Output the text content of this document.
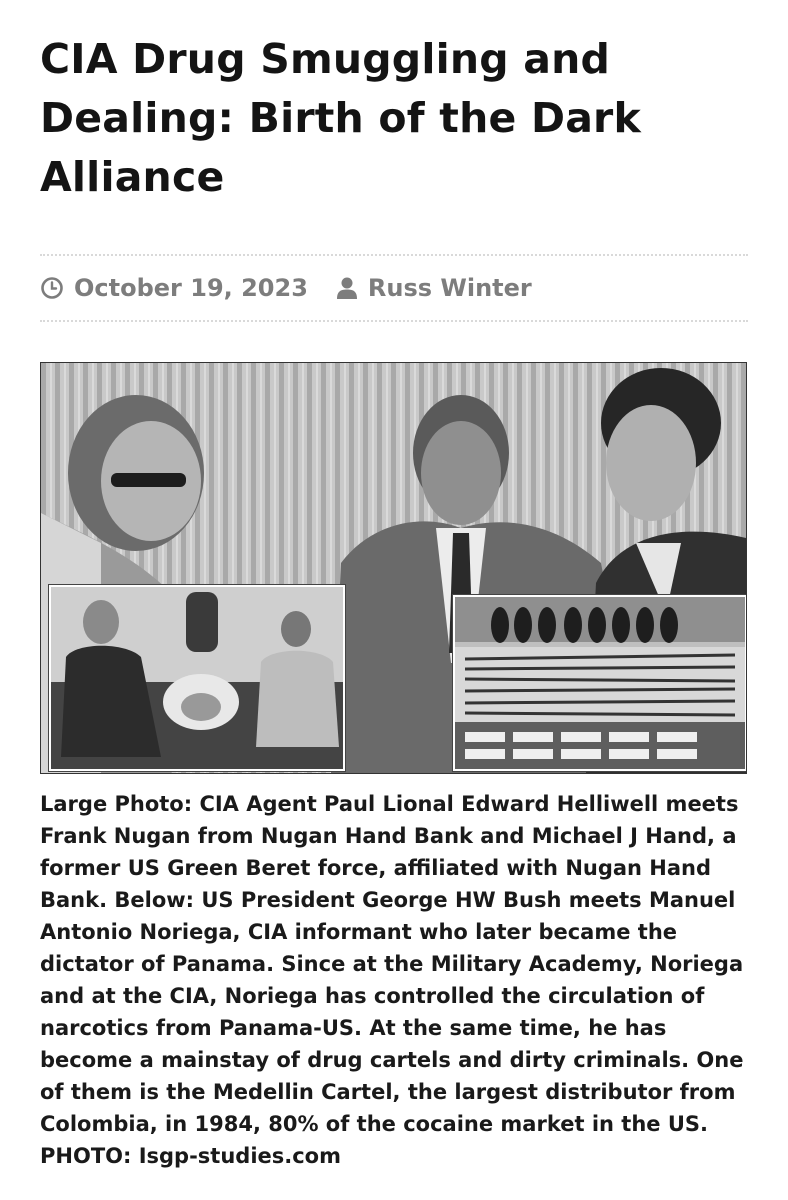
CIA Drug Smuggling and Dealing: Birth of the Dark Alliance
October 19, 2023	Russ Winter

Large Photo: CIA Agent Paul Lional Edward Helliwell meets Frank Nugan from Nugan Hand Bank and Michael J Hand, a former US Green Beret force, affiliated with Nugan Hand Bank. Below: US President George HW Bush meets Manuel Antonio Noriega, CIA informant who later became the dictator of Panama. Since at the Military Academy, Noriega and at the CIA, Noriega has controlled the circulation of narcotics from Panama-US. At the same time, he has become a mainstay of drug cartels and dirty criminals. One of them is the Medellin Cartel, the largest distributor from Colombia, in 1984, 80% of the cocaine market in the US. PHOTO: Isgp-studies.com
